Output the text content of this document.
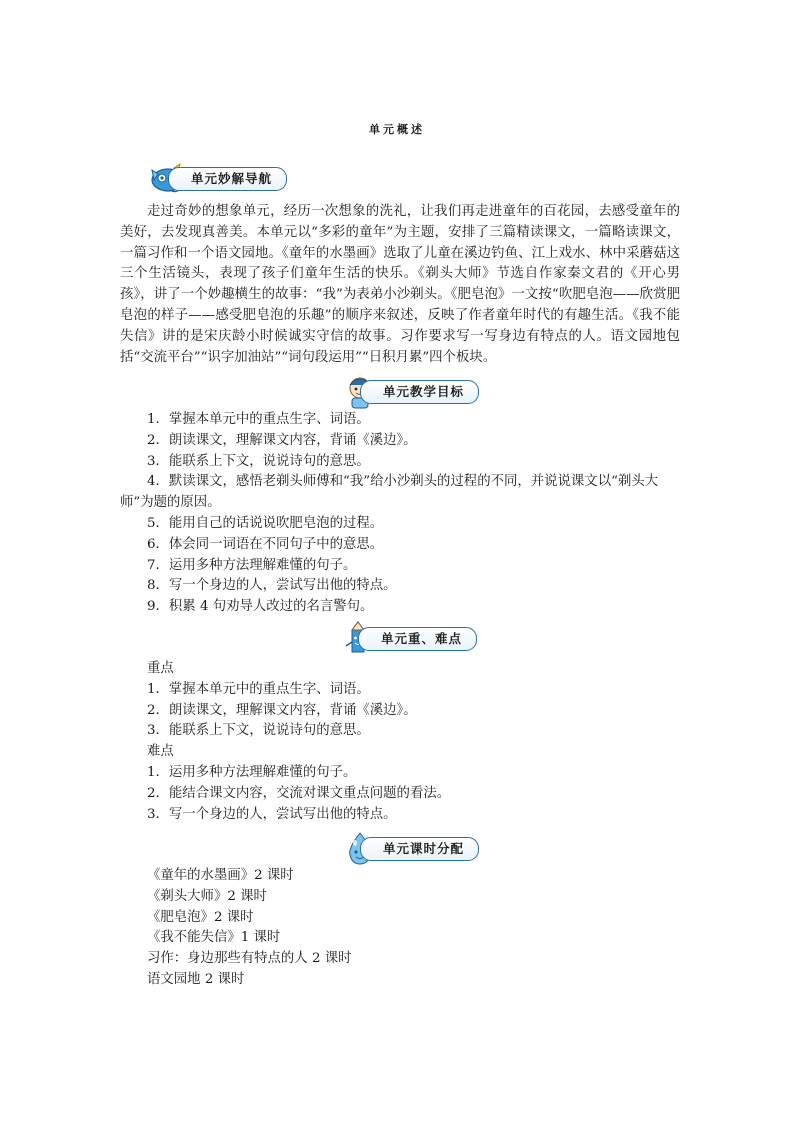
单元概述
单元妙解导航

走过奇妙的想象单元，经历一次想象的洗礼，让我们再走进童年的百花园，去感受童年的美好，去发现真善美。本单元以“多彩的童年”为主题，安排了三篇精读课文，一篇略读课文，一篇习作和一个语文园地。《童年的水墨画》选取了儿童在溪边钓鱼、江上戏水、林中采蘑菇这三个生活镜头，表现了孩子们童年生活的快乐。《剃头大师》节选自作家秦文君的《开心男孩》，讲了一个妙趣横生的故事：“我”为表弟小沙剃头。《肥皂泡》一文按“吹肥皂泡——欣赏肥皂泡的样子——感受肥皂泡的乐趣”的顺序来叙述，反映了作者童年时代的有趣生活。《我不能失信》讲的是宋庆龄小时候诚实守信的故事。习作要求写一写身边有特点的人。语文园地包括“交流平台”“识字加油站”“词句段运用”“日积月累”四个板块。

单元教学目标

1．掌握本单元中的重点生字、词语。

2．朗读课文，理解课文内容，背诵《溪边》。

3．能联系上下文，说说诗句的意思。

4．默读课文，感悟老剃头师傅和“我”给小沙剃头的过程的不同，并说说课文以“剃头大师”为题的原因。

5．能用自己的话说说吹肥皂泡的过程。

6．体会同一词语在不同句子中的意思。

7．运用多种方法理解难懂的句子。

8．写一个身边的人，尝试写出他的特点。

9．积累 4 句劝导人改过的名言警句。

单元重、难点

重点

1．掌握本单元中的重点生字、词语。

2．朗读课文，理解课文内容，背诵《溪边》。

3．能联系上下文，说说诗句的意思。

难点

1．运用多种方法理解难懂的句子。

2．能结合课文内容，交流对课文重点问题的看法。

3．写一个身边的人，尝试写出他的特点。

单元课时分配

《童年的水墨画》2 课时

《剃头大师》2 课时

《肥皂泡》2 课时

《我不能失信》1 课时

习作：身边那些有特点的人 2 课时

语文园地 2 课时
